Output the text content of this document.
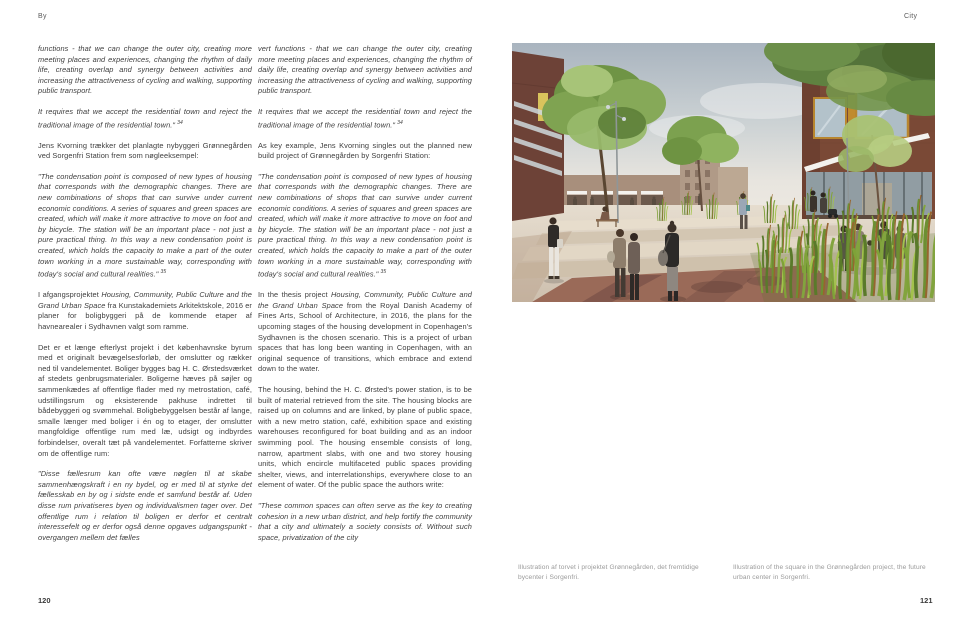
By

functions - that we can change the outer city, creating more meeting places and experiences, changing the rhythm of daily life, creating overlap and synergy between activities and increasing the attractiveness of cycling and walking, supporting public transport.

It requires that we accept the residential town and reject the traditional image of the residential town." $^{34}$

Jens Kvorning trækker det planlagte nybyggeri Grønnegården ved Sorgenfri Station frem som nøgleeksempel:

"The condensation point is composed of new types of housing that corresponds with the demographic changes. There are new combinations of shops that can survive under current economic conditions. A series of squares and green spaces are created, which will make it more attractive to move on foot and by bicycle. The station will be an important place - not just a pure practical thing. In this way a new condensation point is created, which holds the capacity to make a part of the outer town working in a more sustainable way, corresponding with today's social and cultural realities." $^{35}$

I afgangsprojektet Housing, Community, Public Culture and the Grand Urban Space fra Kunstakademiets Arkitektskole, 2016 er planer for boligbyggeri på de kommende etaper af havnearealer i Sydhavnen valgt som ramme.

Det er et længe efterlyst projekt i det københavnske byrum med et originalt bevægelsesforløb, der omslutter og rækker ned til vandelementet. Boliger bygges bag H. C. Ørstedsværket af stedets genbrugsmaterialer. Boligerne hæves på søjler og sammenkædes af offentlige flader med ny metrostation, café, udstillingsrum og eksisterende pakhuse indrettet til bådebyggeri og svømmehal. Boligbebyggelsen består af lange, smalle længer med boliger i én og to etager, der omslutter mangfoldige offentlige rum med læ, udsigt og indbyrdes forbindelser, overalt tæt på vandelementet. Forfatterne skriver om de offentlige rum:

"Disse fællesrum kan ofte være nøglen til at skabe sammenhængskraft i en ny bydel, og er med til at styrke det fællesskab en by og i sidste ende et samfund består af. Uden disse rum privatiseres byen og individualismen tager over. Det offentlige rum i relation til boligen er derfor et centralt interessefelt og er derfor også denne opgaves udgangspunkt - overgangen mellem det fælles

vert functions - that we can change the outer city, creating more meeting places and experiences, changing the rhythm of daily life, creating overlap and synergy between activities and increasing the attractiveness of cycling and walking, supporting public transport.

It requires that we accept the residential town and reject the traditional image of the residential town." $^{34}$

As key example, Jens Kvorning singles out the planned new build project of Grønnegården by Sorgenfri Station:

"The condensation point is composed of new types of housing that corresponds with the demographic changes. There are new combinations of shops that can survive under current economic conditions. A series of squares and green spaces are created, which will make it more attractive to move on foot and by bicycle. The station will be an important place - not just a pure practical thing. In this way a new condensation point is created, which holds the capacity to make a part of the outer town working in a more sustainable way, corresponding with today's social and cultural realities." $^{35}$

In the thesis project Housing, Community, Public Culture and the Grand Urban Space from the Royal Danish Academy of Fines Arts, School of Architecture, in 2016, the plans for the upcoming stages of the housing development in Copenhagen's Sydhavnen is the chosen scenario. This is a project of urban spaces that has long been wanting in Copenhagen, with an original sequence of transitions, which embrace and extend down to the water.

The housing, behind the H. C. Ørsted's power station, is to be built of material retrieved from the site. The housing blocks are raised up on columns and are linked, by plane of public space, with a new metro station, café, exhibition space and existing warehouses reconfigured for boat building and as an indoor swimming pool. The housing ensemble consists of long, narrow, apartment slabs, with one and two storey housing units, which encircle multifaceted public spaces providing shelter, views, and interrelationships, everywhere close to an element of water. Of the public space the authors write:

"These common spaces can often serve as the key to creating cohesion in a new urban district, and help fortify the community that a city and ultimately a society consists of. Without such space, privatization of the city

120
City
Illustration af torvet i projektet Grønnegården, det fremtidige bycenter i Sorgenfri.
Illustration of the square in the Grønnegården project, the future urban center in Sorgenfri.
121
